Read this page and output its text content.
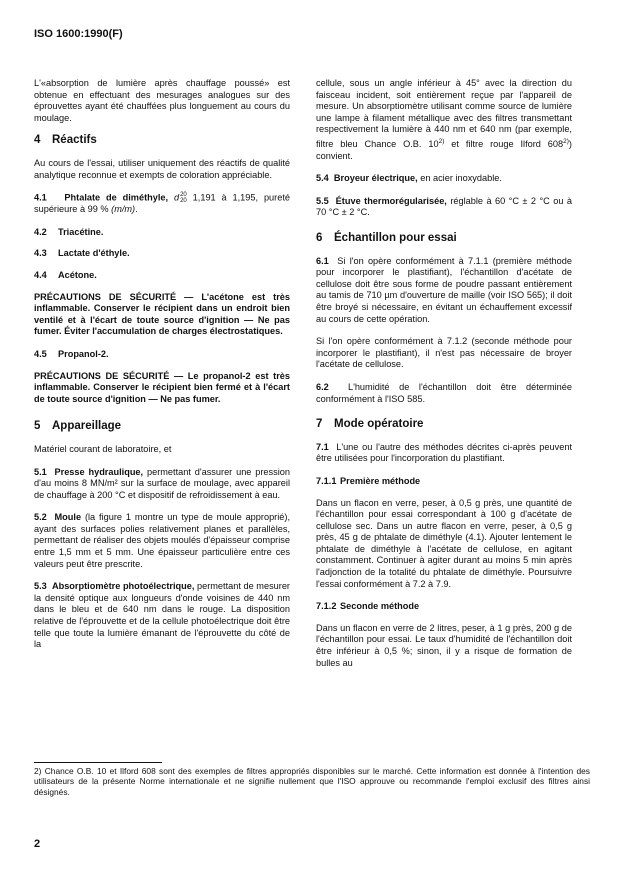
ISO 1600:1990(F)

L'«absorption de lumière après chauffage poussé» est obtenue en effectuant des mesurages analogues sur des éprouvettes ayant été chauffées plus longuement au cours du moulage.

4 Réactifs

Au cours de l'essai, utiliser uniquement des réactifs de qualité analytique reconnue et exempts de coloration appréciable.

4.1 Phtalate de diméthyle, d20
20 1,191 à 1,195, pureté supérieure à 99 % (m/m).

4.2 Triacétine.
4.3 Lactate d'éthyle.
4.4 Acétone.

PRÉCAUTIONS DE SÉCURITÉ — L'acétone est très inflammable. Conserver le récipient dans un endroit bien ventilé et à l'écart de toute source d'ignition — Ne pas fumer. Éviter l'accumulation de charges électrostatiques.

4.5 Propanol-2.

PRÉCAUTIONS DE SÉCURITÉ — Le propanol-2 est très inflammable. Conserver le récipient bien fermé et à l'écart de toute source d'ignition — Ne pas fumer.

5 Appareillage

Matériel courant de laboratoire, et

5.1 Presse hydraulique, permettant d'assurer une pression d'au moins 8 MN/m² sur la surface de moulage, avec appareil de chauffage à 200 °C et dispositif de refroidissement à eau.

5.2 Moule (la figure 1 montre un type de moule approprié), ayant des surfaces polies relativement planes et parallèles, permettant de réaliser des objets moulés d'épaisseur comprise entre 1,5 mm et 5 mm. Une épaisseur particulière entre ces valeurs peut être prescrite.

5.3 Absorptiomètre photoélectrique, permettant de mesurer la densité optique aux longueurs d'onde voisines de 440 nm dans le bleu et de 640 nm dans le rouge. La disposition relative de l'éprouvette et de la cellule photoélectrique doit être telle que toute la lumière émanant de l'éprouvette du côté de la

cellule, sous un angle inférieur à 45° avec la direction du faisceau incident, soit entièrement reçue par l'appareil de mesure. Un absorptiomètre utilisant comme source de lumière une lampe à filament métallique avec des filtres transmettant respectivement la lumière à 440 nm et 640 nm (par exemple, filtre bleu Chance O.B. 10$^{2)}$ et filtre rouge Ilford 608$^{2)}$) convient.

5.4 Broyeur électrique, en acier inoxydable.

5.5 Étuve thermorégularisée, réglable à 60 °C ± 2 °C ou à 70 °C ± 2 °C.

6 Échantillon pour essai

6.1 Si l'on opère conformément à 7.1.1 (première méthode pour incorporer le plastifiant), l'échantillon d'acétate de cellulose doit être sous forme de poudre passant entièrement au tamis de 710 µm d'ouverture de maille (voir ISO 565); il doit être broyé si nécessaire, en évitant un échauffement excessif au cours de cette opération.

Si l'on opère conformément à 7.1.2 (seconde méthode pour incorporer le plastifiant), il n'est pas nécessaire de broyer l'acétate de cellulose.

6.2 L'humidité de l'échantillon doit être déterminée conformément à l'ISO 585.

7 Mode opératoire

7.1 L'une ou l'autre des méthodes décrites ci-après peuvent être utilisées pour l'incorporation du plastifiant.

7.1.1 Première méthode

Dans un flacon en verre, peser, à 0,5 g près, une quantité de l'échantillon pour essai correspondant à 100 g d'acétate de cellulose sec. Dans un autre flacon en verre, peser, à 0,5 g près, 45 g de phtalate de diméthyle (4.1). Ajouter lentement le phtalate de diméthyle à l'acétate de cellulose, en agitant constamment. Continuer à agiter durant au moins 5 min après l'adjonction de la totalité du phtalate de diméthyle. Poursuivre l'essai conformément à 7.2 à 7.9.

7.1.2 Seconde méthode

Dans un flacon en verre de 2 litres, peser, à 1 g près, 200 g de l'échantillon pour essai. Le taux d'humidité de l'échantillon doit être inférieur à 0,5 %; sinon, il y a risque de formation de bulles au

2) Chance O.B. 10 et Ilford 608 sont des exemples de filtres appropriés disponibles sur le marché. Cette information est donnée à l'intention des utilisateurs de la présente Norme internationale et ne signifie nullement que l'ISO approuve ou recommande l'emploi exclusif des filtres ainsi désignés.
2
